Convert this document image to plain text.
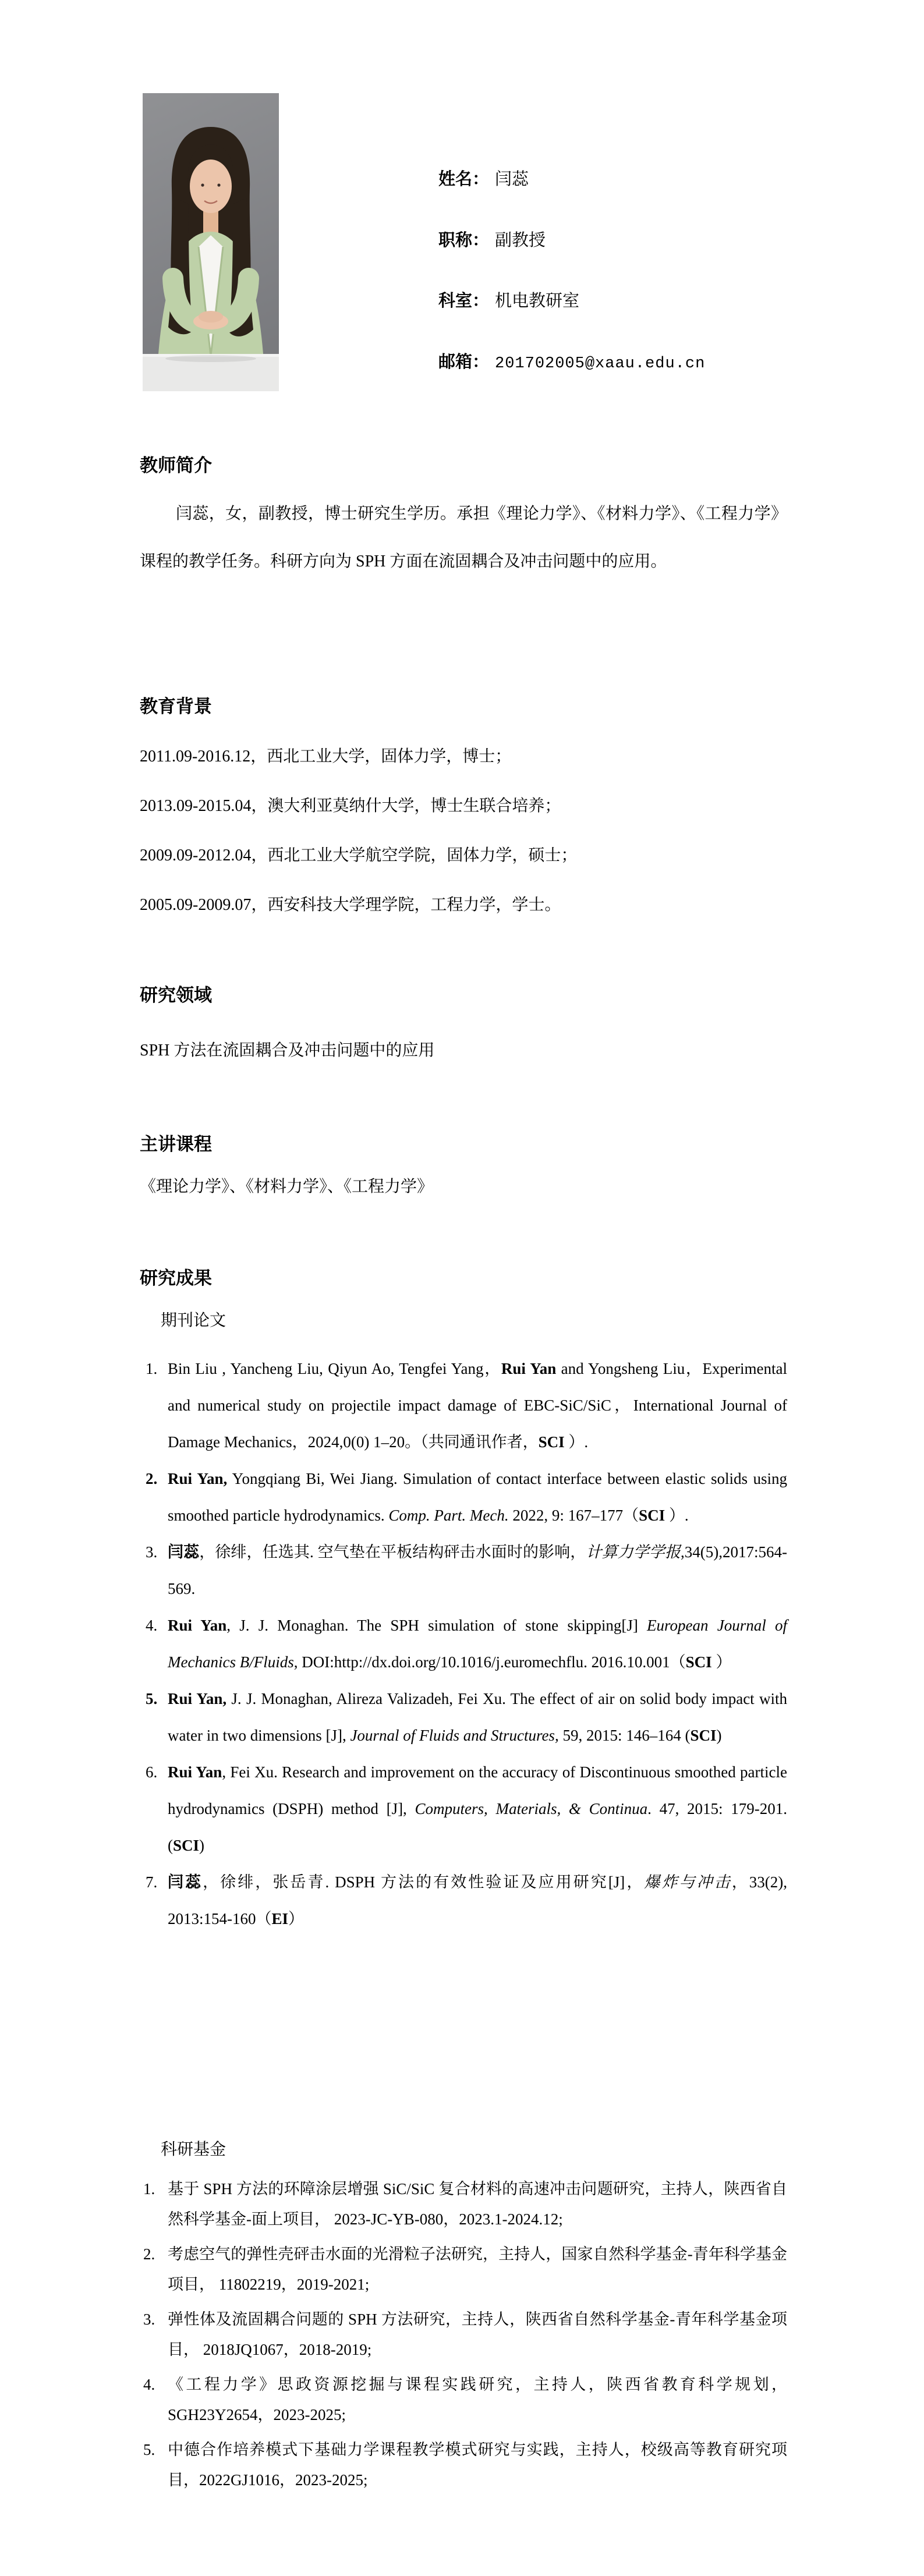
姓名： 闫蕊
职称： 副教授
科室： 机电教研室
邮箱： 201702005@xaau.edu.cn
教师简介
闫蕊，女，副教授，博士研究生学历。承担《理论力学》、《材料力学》、《工程力学》课程的教学任务。科研方向为 SPH 方面在流固耦合及冲击问题中的应用。
教育背景
2011.09-2016.12，西北工业大学，固体力学，博士；
2013.09-2015.04，澳大利亚莫纳什大学，博士生联合培养；
2009.09-2012.04，西北工业大学航空学院，固体力学，硕士；
2005.09-2009.07，西安科技大学理学院，工程力学，学士。
研究领域
SPH 方法在流固耦合及冲击问题中的应用
主讲课程
《理论力学》、《材料力学》、《工程力学》
研究成果
期刊论文
1. Bin Liu , Yancheng Liu, Qiyun Ao, Tengfei Yang，Rui Yan and Yongsheng Liu，Experimental and numerical study on projectile impact damage of EBC-SiC/SiC，International Journal of Damage Mechanics，2024,0(0) 1–20。（共同通讯作者，SCI ）.
2. Rui Yan, Yongqiang Bi, Wei Jiang. Simulation of contact interface between elastic solids using smoothed particle hydrodynamics. Comp. Part. Mech. 2022, 9: 167–177（SCI ）.
3. 闫蕊，徐绯，任选其. 空气垫在平板结构砰击水面时的影响，计算力学学报,34(5),2017:564-569.
4. Rui Yan, J. J. Monaghan. The SPH simulation of stone skipping[J] European Journal of Mechanics B/Fluids, DOI:http://dx.doi.org/10.1016/j.euromechflu. 2016.10.001（SCI ）
5. Rui Yan, J. J. Monaghan, Alireza Valizadeh, Fei Xu. The effect of air on solid body impact with water in two dimensions [J], Journal of Fluids and Structures, 59, 2015: 146–164 (SCI)
6. Rui Yan, Fei Xu. Research and improvement on the accuracy of Discontinuous smoothed particle hydrodynamics (DSPH) method [J], Computers, Materials, & Continua. 47, 2015: 179-201. (SCI)
7. 闫蕊，徐绯，张岳青. DSPH 方法的有效性验证及应用研究[J]，爆炸与冲击，33(2), 2013:154-160（EI）
科研基金
1. 基于 SPH 方法的环障涂层增强 SiC/SiC 复合材料的高速冲击问题研究，主持人，陕西省自然科学基金-面上项目， 2023-JC-YB-080，2023.1-2024.12;
2. 考虑空气的弹性壳砰击水面的光滑粒子法研究，主持人，国家自然科学基金-青年科学基金项目， 11802219，2019-2021;
3. 弹性体及流固耦合问题的 SPH 方法研究，主持人，陕西省自然科学基金-青年科学基金项目， 2018JQ1067，2018-2019;
4. 《工程力学》思政资源挖掘与课程实践研究，主持人，陕西省教育科学规划，SGH23Y2654，2023-2025;
5. 中德合作培养模式下基础力学课程教学模式研究与实践，主持人，校级高等教育研究项目，2022GJ1016，2023-2025;
